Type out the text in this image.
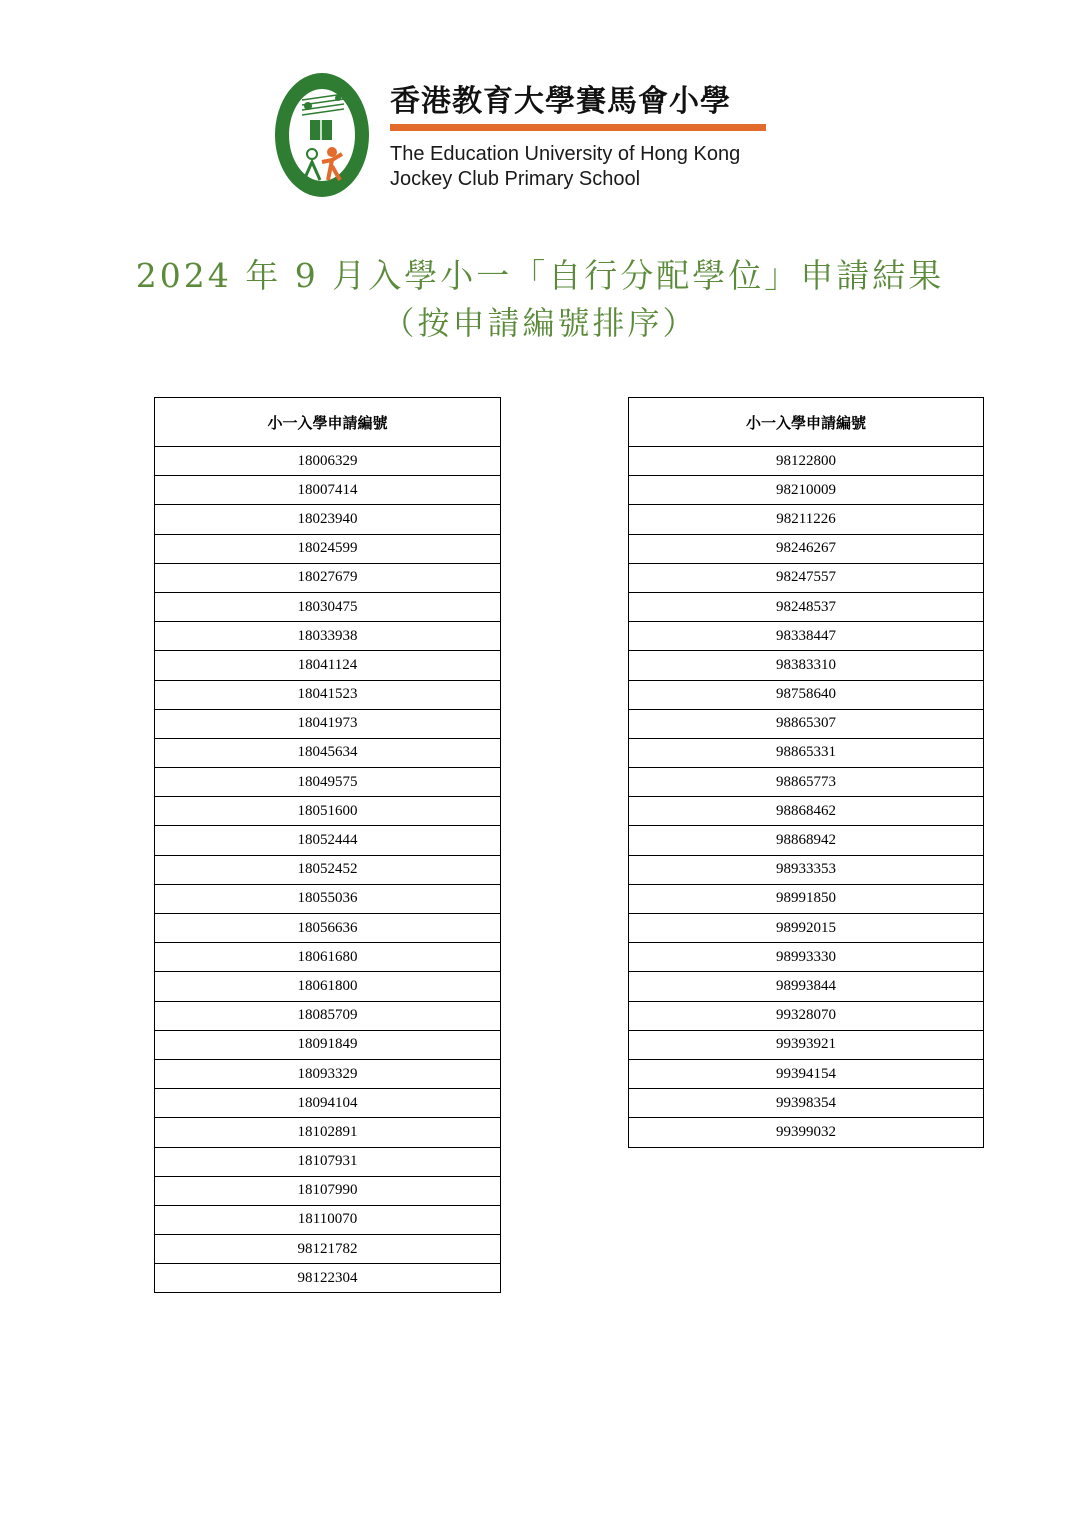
香港教育大學賽馬會小學
The Education University of Hong Kong
Jockey Club Primary School
2024 年 9 月入學小一「自行分配學位」申請結果
（按申請編號排序）
小一入學申請編號
18006329
18007414
18023940
18024599
18027679
18030475
18033938
18041124
18041523
18041973
18045634
18049575
18051600
18052444
18052452
18055036
18056636
18061680
18061800
18085709
18091849
18093329
18094104
18102891
18107931
18107990
18110070
98121782
98122304
小一入學申請編號
98122800
98210009
98211226
98246267
98247557
98248537
98338447
98383310
98758640
98865307
98865331
98865773
98868462
98868942
98933353
98991850
98992015
98993330
98993844
99328070
99393921
99394154
99398354
99399032
